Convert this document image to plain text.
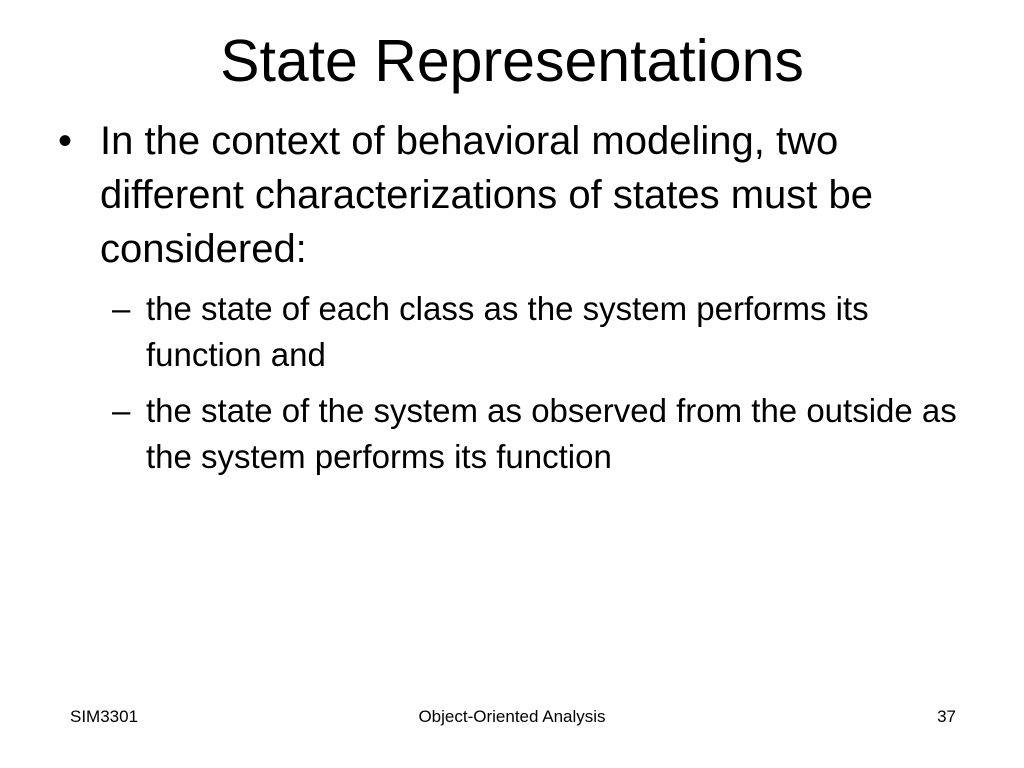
State Representations
• In the context of behavioral modeling, two different characterizations of states must be considered:
– the state of each class as the system performs its function and
– the state of the system as observed from the outside as the system performs its function
SIM3301	Object-Oriented Analysis	37
